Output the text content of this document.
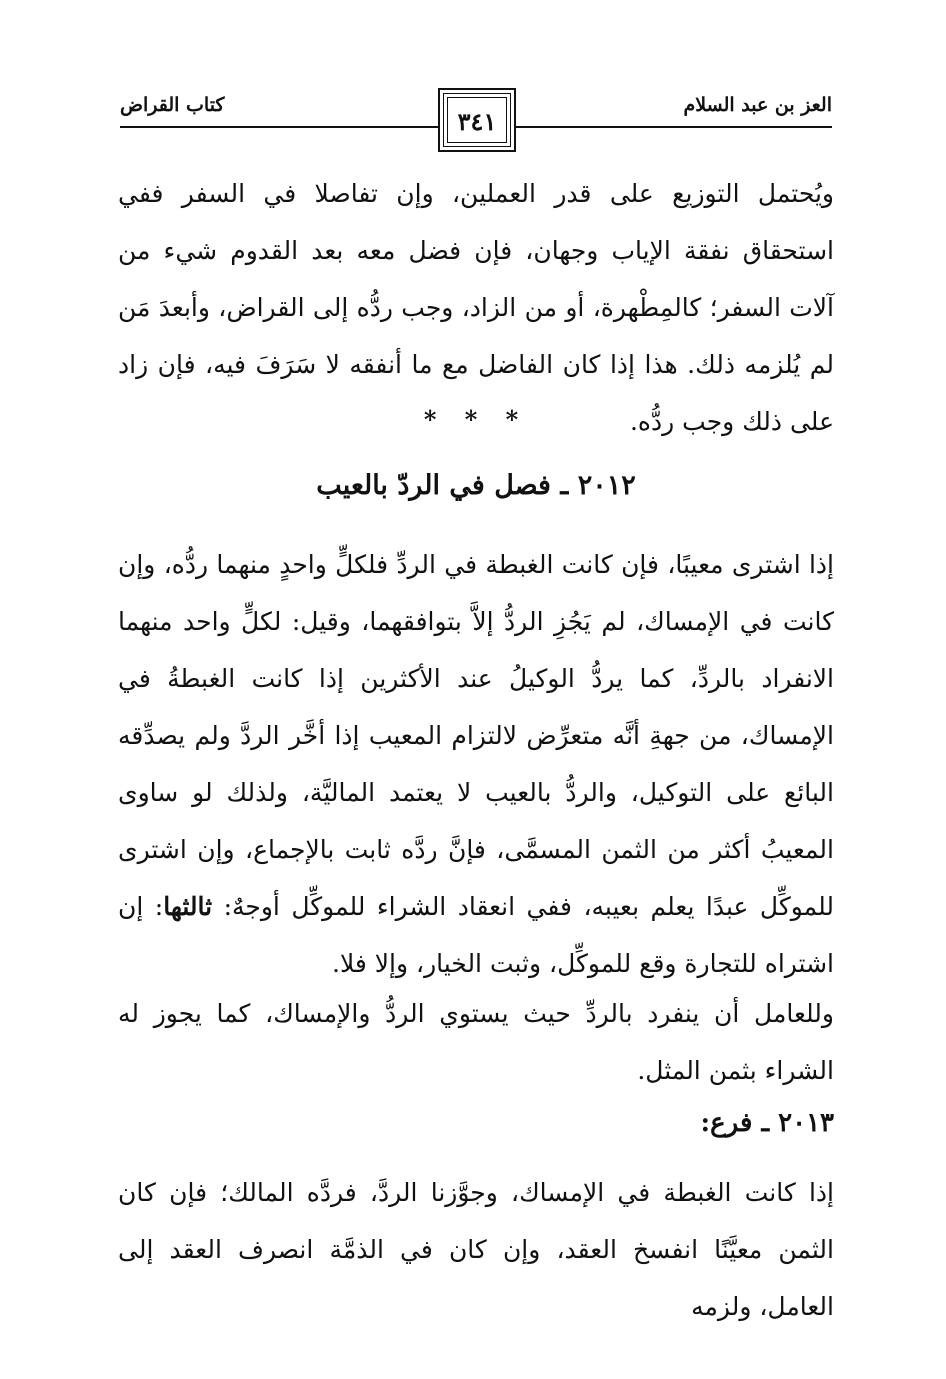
العز بن عبد السلام
٣٤١
كتاب القراض

ويُحتمل التوزيع على قدر العملين، وإن تفاصلا في السفر ففي استحقاق نفقة الإياب وجهان، فإن فضل معه بعد القدوم شيء من آلات السفر؛ كالمِطْهرة، أو من الزاد، وجب ردُّه إلى القراض، وأبعدَ مَن لم يُلزمه ذلك. هذا إذا كان الفاضل مع ما أنفقه لا سَرَفَ فيه، فإن زاد على ذلك وجب ردُّه.

* * *
٢٠١٢ ـ فصل في الردّ بالعيب

إذا اشترى معيبًا، فإن كانت الغبطة في الردِّ فلكلٍّ واحدٍ منهما ردُّه، وإن كانت في الإمساك، لم يَجُزِ الردُّ إلاَّ بتوافقهما، وقيل: لكلٍّ واحد منهما الانفراد بالردِّ، كما يردُّ الوكيلُ عند الأكثرين إذا كانت الغبطةُ في الإمساك، من جهةِ أنَّه متعرِّض لالتزام المعيب إذا أخَّر الردَّ ولم يصدِّقه البائع على التوكيل، والردُّ بالعيب لا يعتمد الماليَّة، ولذلك لو ساوى المعيبُ أكثر من الثمن المسمَّى، فإنَّ ردَّه ثابت بالإجماع، وإن اشترى للموكِّل عبدًا يعلم بعيبه، ففي انعقاد الشراء للموكِّل أوجهٌ: ثالثها: إن اشتراه للتجارة وقع للموكِّل، وثبت الخيار، وإلا فلا.

وللعامل أن ينفرد بالردِّ حيث يستوي الردُّ والإمساك، كما يجوز له الشراء بثمن المثل.

٢٠١٣ ـ فرع:

إذا كانت الغبطة في الإمساك، وجوَّزنا الردَّ، فردَّه المالك؛ فإن كان الثمن معيَّنًا انفسخ العقد، وإن كان في الذمَّة انصرف العقد إلى العامل، ولزمه
